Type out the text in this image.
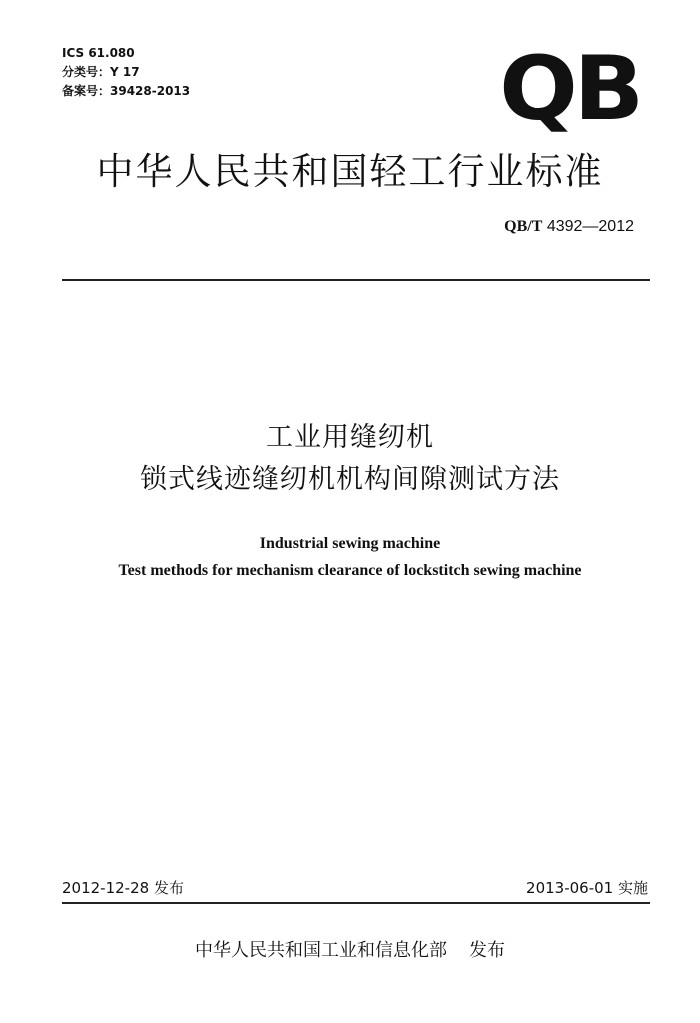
ICS 61.080
分类号：Y 17
备案号：39428-2013	QB
中华人民共和国轻工行业标准
QB/T 4392—2012
工业用缝纫机
锁式线迹缝纫机机构间隙测试方法
Industrial sewing machine
Test methods for mechanism clearance of lockstitch sewing machine
2012-12-28 发布	2013-06-01 实施
中华人民共和国工业和信息化部 发布
